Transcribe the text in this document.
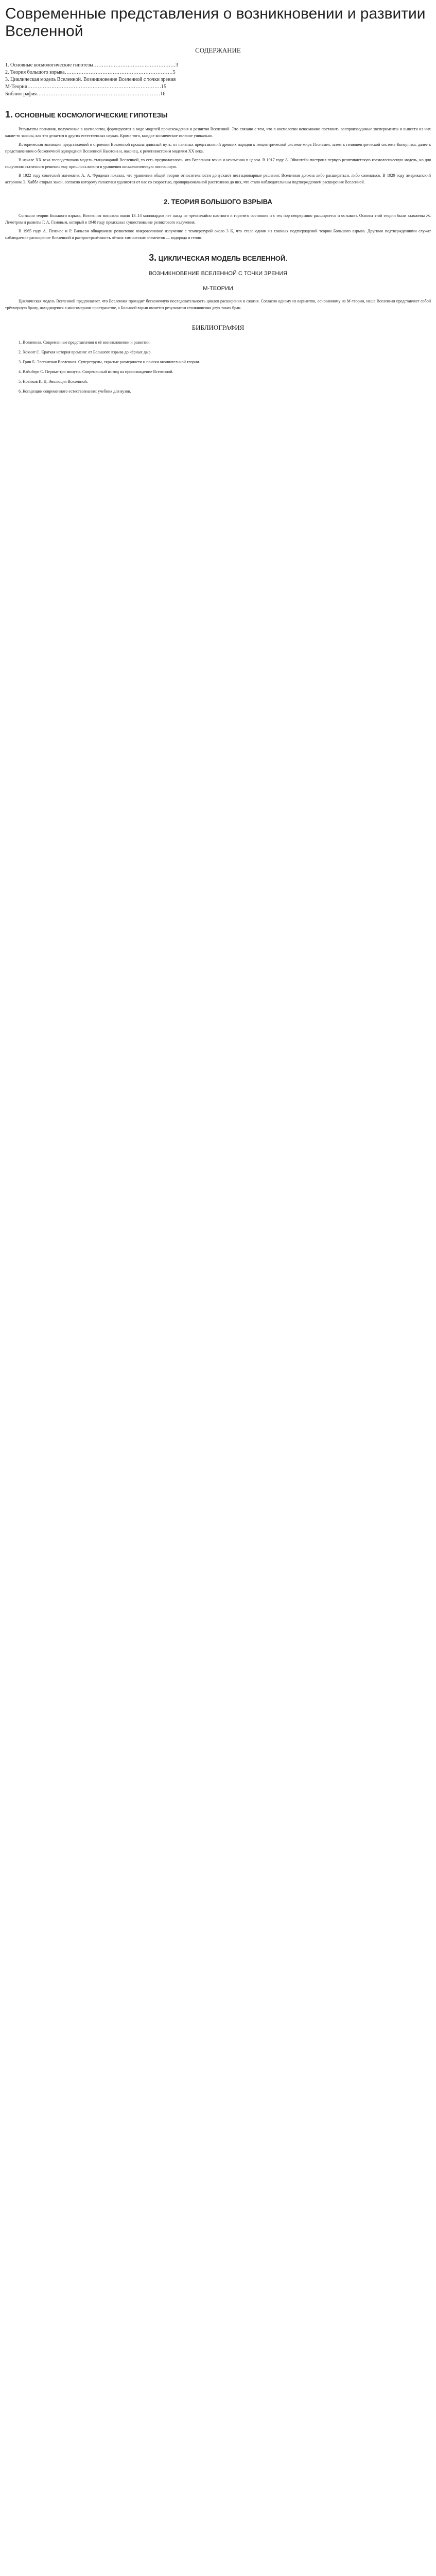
Современные представления о возникновении и развитии Вселенной

СОДЕРЖАНИЕ

1. Основные космологические гипотезы…………………………………………3

2. Теория большого взрыва………………………………………………………5

3. Циклическая модель Вселенной. Возникновение Вселенной с точки зрения

М-Теории……………………………………………………………………15

Библиография………………………………………………………………16

1. ОСНОВНЫЕ КОСМОЛОГИЧЕСКИЕ ГИПОТЕЗЫ

Результаты познания, полученные в космологии, формируются в виде моделей происхождения и развития Вселенной. Это связано с тем, что в космологии невозможно поставить воспроизводимые эксперименты и вывести из них какие-то законы, как это делается в других естественных науках. Кроме того, каждое космическое явление уникально.

Историческая эволюция представлений о строении Вселенной прошла длинный путь: от наивных представлений древних народов к геоцентрической системе мира Птолемея, затем к гелиоцентрической системе Коперника, далее к представлениям о бесконечной однородной Вселенной Ньютона и, наконец, к релятивистским моделям XX века.

В начале XX века господствовала модель стационарной Вселенной, то есть предполагалось, что Вселенная вечна и неизменна в целом. В 1917 году А. Эйнштейн построил первую релятивистскую космологическую модель, но для получения статичного решения ему пришлось ввести в уравнения космологическую постоянную.

В 1922 году советский математик А. А. Фридман показал, что уравнения общей теории относительности допускают нестационарные решения: Вселенная должна либо расширяться, либо сжиматься. В 1929 году американский астроном Э. Хаббл открыл закон, согласно которому галактики удаляются от нас со скоростью, пропорциональной расстоянию до них, что стало наблюдательным подтверждением расширения Вселенной.

2. ТЕОРИЯ БОЛЬШОГО ВЗРЫВА

Согласно теории Большого взрыва, Вселенная возникла около 13–14 миллиардов лет назад из чрезвычайно плотного и горячего состояния и с тех пор непрерывно расширяется и остывает. Основы этой теории были заложены Ж. Леметром и развиты Г. А. Гамовым, который в 1948 году предсказал существование реликтового излучения.

В 1965 году А. Пензиас и Р. Вильсон обнаружили реликтовое микроволновое излучение с температурой около 3 К, что стало одним из главных подтверждений теории Большого взрыва. Другими подтверждениями служат наблюдаемое расширение Вселенной и распространённость лёгких химических элементов — водорода и гелия.

3. ЦИКЛИЧЕСКАЯ МОДЕЛЬ ВСЕЛЕННОЙ.

ВОЗНИКНОВЕНИЕ ВСЕЛЕННОЙ С ТОЧКИ ЗРЕНИЯ

М-ТЕОРИИ

Циклическая модель Вселенной предполагает, что Вселенная проходит бесконечную последовательность циклов расширения и сжатия. Согласно одному из вариантов, основанному на М-теории, наша Вселенная представляет собой трёхмерную брану, находящуюся в многомерном пространстве, а Большой взрыв является результатом столкновения двух таких бран.

БИБЛИОГРАФИЯ

1. Вселенная. Современные представления о её возникновении и развитии.

2. Хокинг С. Краткая история времени: от Большого взрыва до чёрных дыр.

3. Грин Б. Элегантная Вселенная. Суперструны, скрытые размерности и поиски окончательной теории.

4. Вайнберг С. Первые три минуты. Современный взгляд на происхождение Вселенной.

5. Новиков И. Д. Эволюция Вселенной.

6. Концепции современного естествознания: учебник для вузов.
